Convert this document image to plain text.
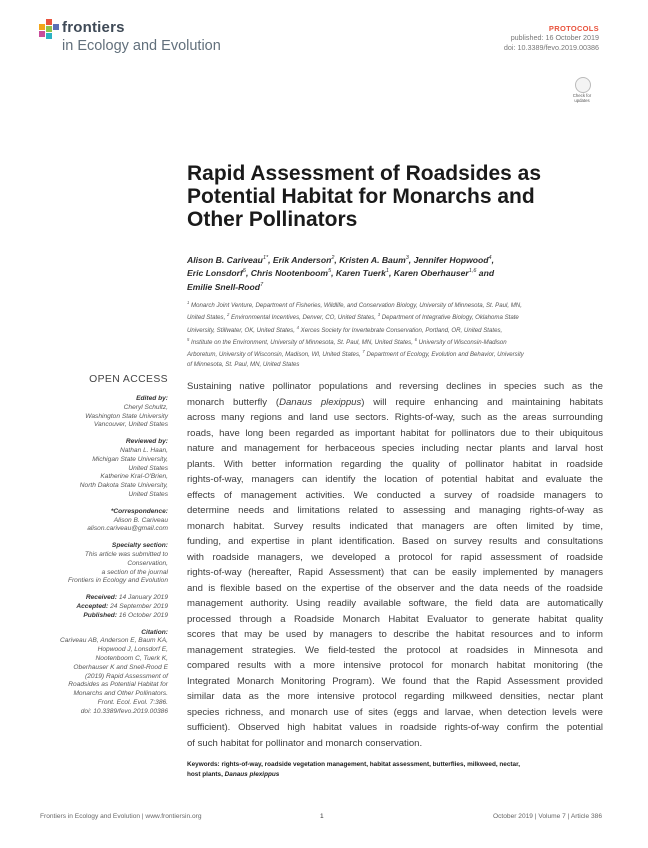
frontiers
in Ecology and Evolution
PROTOCOLS
published: 16 October 2019
doi: 10.3389/fevo.2019.00386
Check for updates
Rapid Assessment of Roadsides as
Potential Habitat for Monarchs and
Other Pollinators
Alison B. Cariveau$^{1*}$, Erik Anderson$^2$, Kristen A. Baum$^3$, Jennifer Hopwood$^4$,
Eric Lonsdorf$^5$, Chris Nootenboom$^5$, Karen Tuerk$^1$, Karen Oberhauser$^{1,6}$ and
Emilie Snell-Rood$^7$
$^1$ Monarch Joint Venture, Department of Fisheries, Wildlife, and Conservation Biology, University of Minnesota, St. Paul, MN,
United States, $^2$ Environmental Incentives, Denver, CO, United States, $^3$ Department of Integrative Biology, Oklahoma State
University, Stillwater, OK, United States, $^4$ Xerces Society for Invertebrate Conservation, Portland, OR, United States,
$^5$ Institute on the Environment, University of Minnesota, St. Paul, MN, United States, $^6$ University of Wisconsin-Madison
Arboretum, University of Wisconsin, Madison, WI, United States, $^7$ Department of Ecology, Evolution and Behavior, University
of Minnesota, St. Paul, MN, United States
OPEN ACCESS
Edited by:
Cheryl Schultz,
Washington State University
Vancouver, United States
Reviewed by:
Nathan L. Haan,
Michigan State University,
United States
Katherine Kral-O'Brien,
North Dakota State University,
United States
*Correspondence:
Alison B. Cariveau
alison.cariveau@gmail.com
Specialty section:
This article was submitted to
Conservation,
a section of the journal
Frontiers in Ecology and Evolution
Received: 14 January 2019
Accepted: 24 September 2019
Published: 16 October 2019
Citation:
Cariveau AB, Anderson E, Baum KA,
Hopwood J, Lonsdorf E,
Nootenboom C, Tuerk K,
Oberhauser K and Snell-Rood E
(2019) Rapid Assessment of
Roadsides as Potential Habitat for
Monarchs and Other Pollinators.
Front. Ecol. Evol. 7:386.
doi: 10.3389/fevo.2019.00386
Sustaining native pollinator populations and reversing declines in species such as the
monarch butterfly (Danaus plexippus) will require enhancing and maintaining habitats
across many regions and land use sectors. Rights-of-way, such as the areas surrounding
roads, have long been regarded as important habitat for pollinators due to their ubiquitous
nature and management for herbaceous species including nectar plants and larval host
plants. With better information regarding the quality of pollinator habitat in roadside
rights-of-way, managers can identify the location of potential habitat and evaluate the
effects of management activities. We conducted a survey of roadside managers to
determine needs and limitations related to assessing and managing rights-of-way as
monarch habitat. Survey results indicated that managers are often limited by time,
funding, and expertise in plant identification. Based on survey results and consultations
with roadside managers, we developed a protocol for rapid assessment of roadside
rights-of-way (hereafter, Rapid Assessment) that can be easily implemented by managers
and is flexible based on the expertise of the observer and the data needs of the roadside
management authority. Using readily available software, the field data are automatically
processed through a Roadside Monarch Habitat Evaluator to generate habitat quality
scores that may be used by managers to describe the habitat resources and to inform
management strategies. We field-tested the protocol at roadsides in Minnesota and
compared results with a more intensive protocol for monarch habitat monitoring (the
Integrated Monarch Monitoring Program). We found that the Rapid Assessment provided
similar data as the more intensive protocol regarding milkweed densities, nectar plant
species richness, and monarch use of sites (eggs and larvae, when detection levels were
sufficient). Observed high habitat values in roadside rights-of-way confirm the potential
of such habitat for pollinator and monarch conservation.
Keywords: rights-of-way, roadside vegetation management, habitat assessment, butterflies, milkweed, nectar,
host plants, Danaus plexippus
Frontiers in Ecology and Evolution | www.frontiersin.org	1	October 2019 | Volume 7 | Article 386
